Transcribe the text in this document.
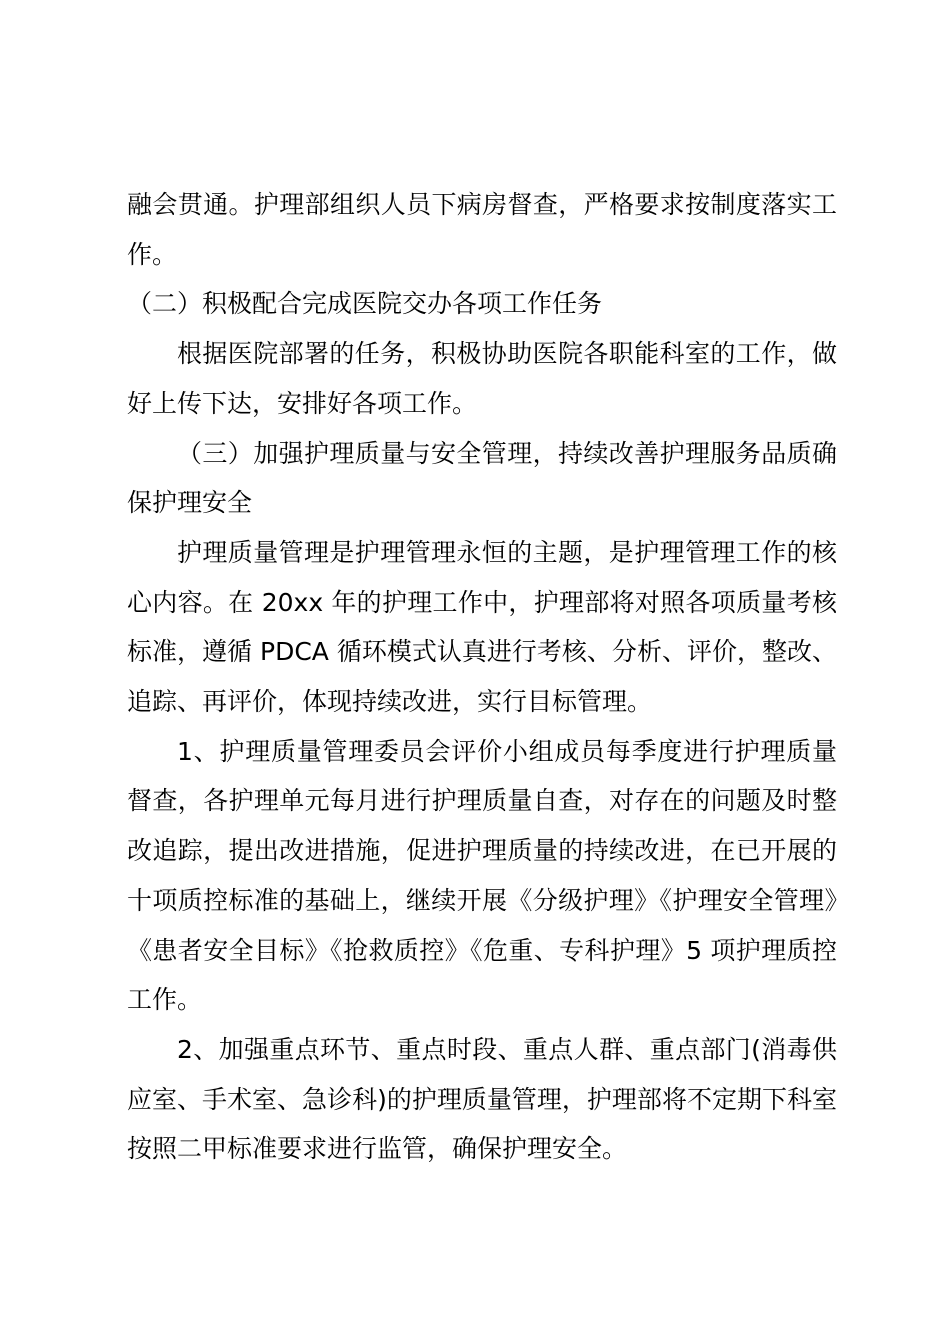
融会贯通。护理部组织人员下病房督查，严格要求按制度落实工作。

（二）积极配合完成医院交办各项工作任务

根据医院部署的任务，积极协助医院各职能科室的工作，做好上传下达，安排好各项工作。

（三）加强护理质量与安全管理，持续改善护理服务品质确保护理安全

护理质量管理是护理管理永恒的主题，是护理管理工作的核心内容。在 20xx 年的护理工作中，护理部将对照各项质量考核标准，遵循 PDCA 循环模式认真进行考核、分析、评价，整改、追踪、再评价，体现持续改进，实行目标管理。

1、护理质量管理委员会评价小组成员每季度进行护理质量督查，各护理单元每月进行护理质量自查，对存在的问题及时整改追踪，提出改进措施，促进护理质量的持续改进，在已开展的十项质控标准的基础上，继续开展《分级护理》《护理安全管理》《患者安全目标》《抢救质控》《危重、专科护理》5 项护理质控工作。

2、加强重点环节、重点时段、重点人群、重点部门(消毒供应室、手术室、急诊科)的护理质量管理，护理部将不定期下科室按照二甲标准要求进行监管，确保护理安全。
